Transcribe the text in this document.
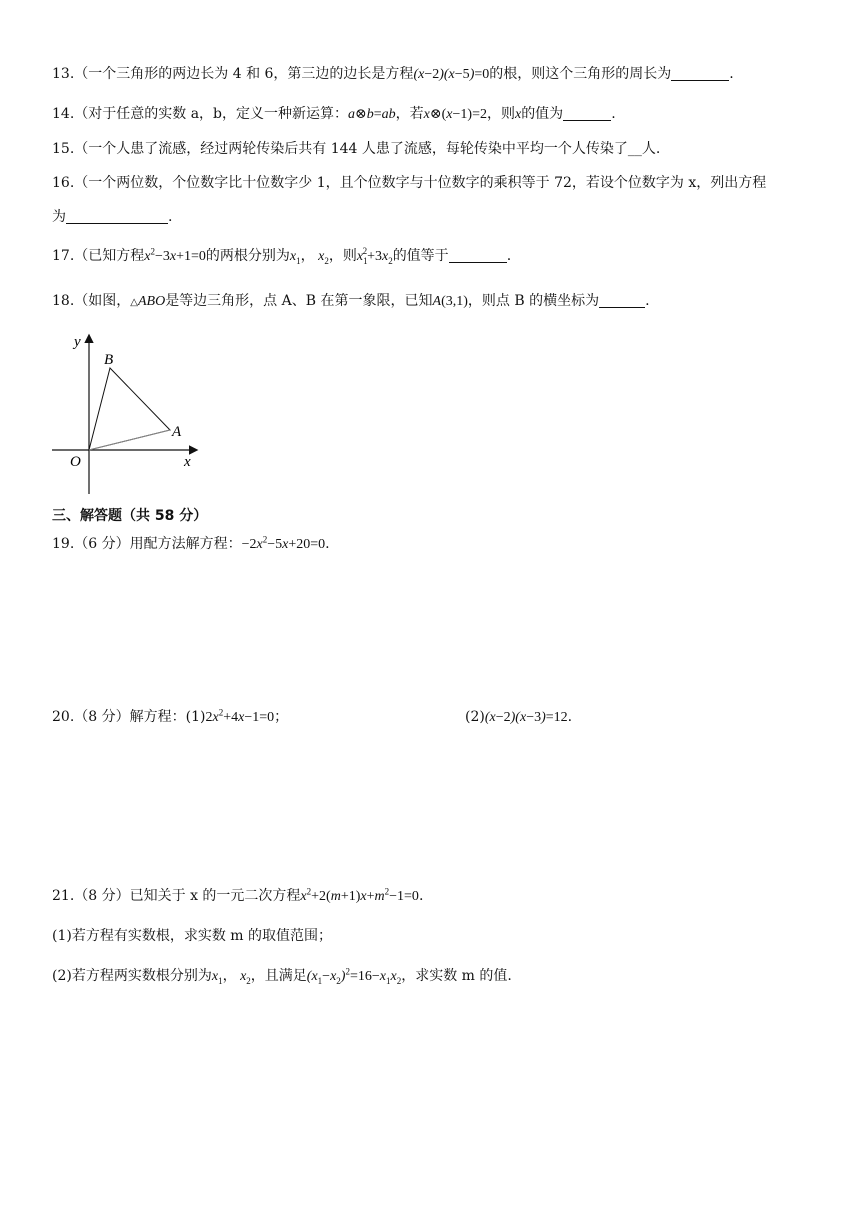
13.（一个三角形的两边长为 4 和 6，第三边的边长是方程(x−2)(x−5)=0的根，则这个三角形的周长为	.
14.（对于任意的实数 a，b，定义一种新运算：a⊗b=ab，若x⊗(x−1)=2，则x的值为	.
15.（一个人患了流感，经过两轮传染后共有 144 人患了流感，每轮传染中平均一个人传染了__人.
16.（一个两位数，个位数字比十位数字少 1，且个位数字与十位数字的乘积等于 72，若设个位数字为 x，列出方程
为	.
17.（已知方程$x^2-3x+1=0$的两根分别为$x_1$， $x_2$，则$x_1^2+3x_2$的值等于	.
18.（如图，△ABO是等边三角形，点 A、B 在第一象限，已知A(3,1)，则点 B 的横坐标为	.
y
B
A
O	x
三、解答题（共 58 分）
19.（6 分）用配方法解方程：$-2x^2-5x+20=0$.
20.（8 分）解方程：$(1)2x^2+4x-1=0$；	(2)(x−2)(x−3)=12.
21.（8 分）已知关于 x 的一元二次方程$x^2+2(m+1)x+m^2-1=0$.
(1)若方程有实数根，求实数 m 的取值范围；
(2)若方程两实数根分别为$x_1$， $x_2$，且满足$(x_1-x_2)^2=16-x_1x_2$，求实数 m 的值.
